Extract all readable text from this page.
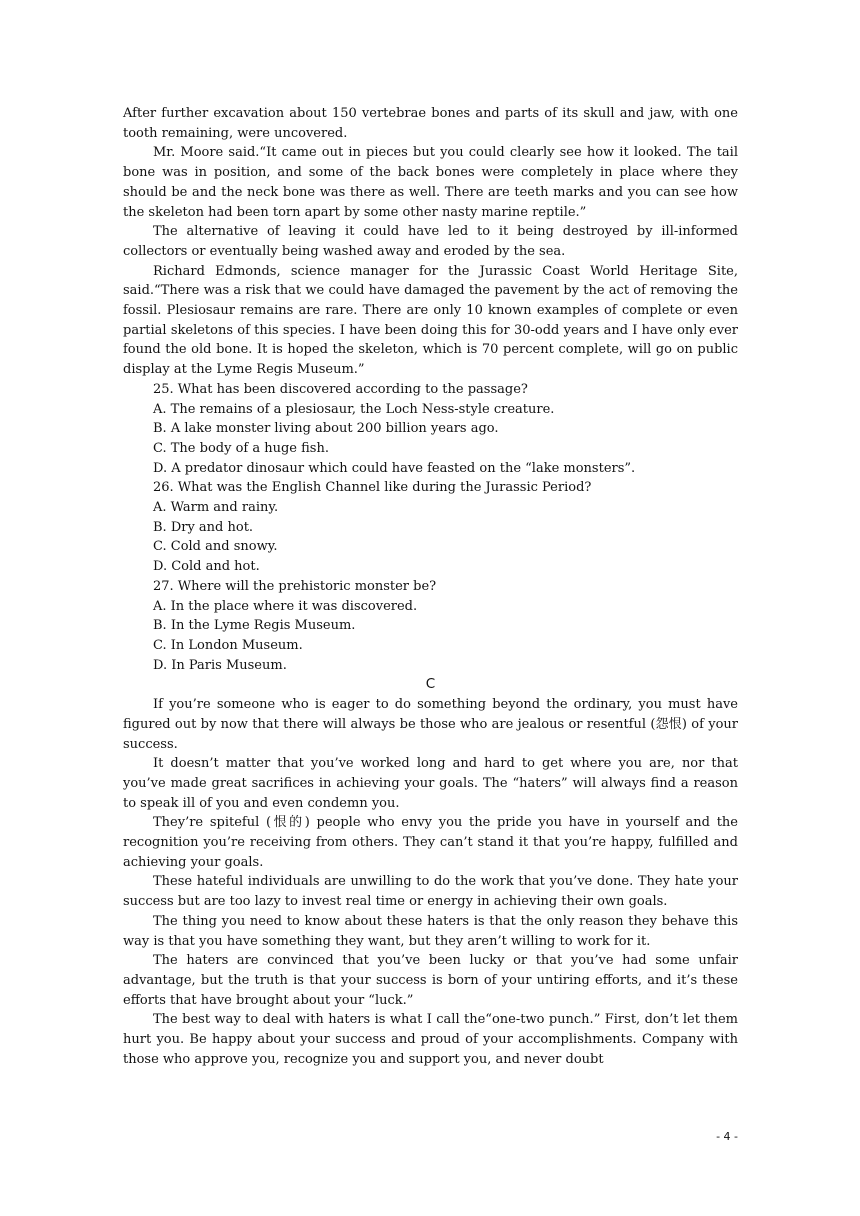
After further excavation about 150 vertebrae bones and parts of its skull and jaw, with one tooth remaining, were uncovered.

Mr. Moore said.“It came out in pieces but you could clearly see how it looked. The tail bone was in position, and some of the back bones were completely in place where they should be and the neck bone was there as well. There are teeth marks and you can see how the skeleton had been torn apart by some other nasty marine reptile.”

The alternative of leaving it could have led to it being destroyed by ill-informed collectors or eventually being washed away and eroded by the sea.

Richard Edmonds, science manager for the Jurassic Coast World Heritage Site, said.“There was a risk that we could have damaged the pavement by the act of removing the fossil. Plesiosaur remains are rare. There are only 10 known examples of complete or even partial skeletons of this species. I have been doing this for 30-odd years and I have only ever found the old bone. It is hoped the skeleton, which is 70 percent complete, will go on public display at the Lyme Regis Museum.”

25. What has been discovered according to the passage?

A. The remains of a plesiosaur, the Loch Ness-style creature.

B. A lake monster living about 200 billion years ago.

C. The body of a huge fish.

D. A predator dinosaur which could have feasted on the “lake monsters”.

26. What was the English Channel like during the Jurassic Period?

A. Warm and rainy.

B. Dry and hot.

C. Cold and snowy.

D. Cold and hot.

27. Where will the prehistoric monster be?

A. In the place where it was discovered.

B. In the Lyme Regis Museum.

C. In London Museum.

D. In Paris Museum.

C

If you’re someone who is eager to do something beyond the ordinary, you must have figured out by now that there will always be those who are jealous or resentful (怨恨) of your success.

It doesn’t matter that you’ve worked long and hard to get where you are, nor that you’ve made great sacrifices in achieving your goals. The “haters” will always find a reason to speak ill of you and even condemn you.

They’re spiteful (恨的) people who envy you the pride you have in yourself and the recognition you’re receiving from others. They can’t stand it that you’re happy, fulfilled and achieving your goals.

These hateful individuals are unwilling to do the work that you’ve done. They hate your success but are too lazy to invest real time or energy in achieving their own goals.

The thing you need to know about these haters is that the only reason they behave this way is that you have something they want, but they aren’t willing to work for it.

The haters are convinced that you’ve been lucky or that you’ve had some unfair advantage, but the truth is that your success is born of your untiring efforts, and it’s these efforts that have brought about your “luck.”

The best way to deal with haters is what I call the“one-two punch.” First, don’t let them hurt you. Be happy about your success and proud of your accomplishments. Company with those who approve you, recognize you and support you, and never doubt

- 4 -
